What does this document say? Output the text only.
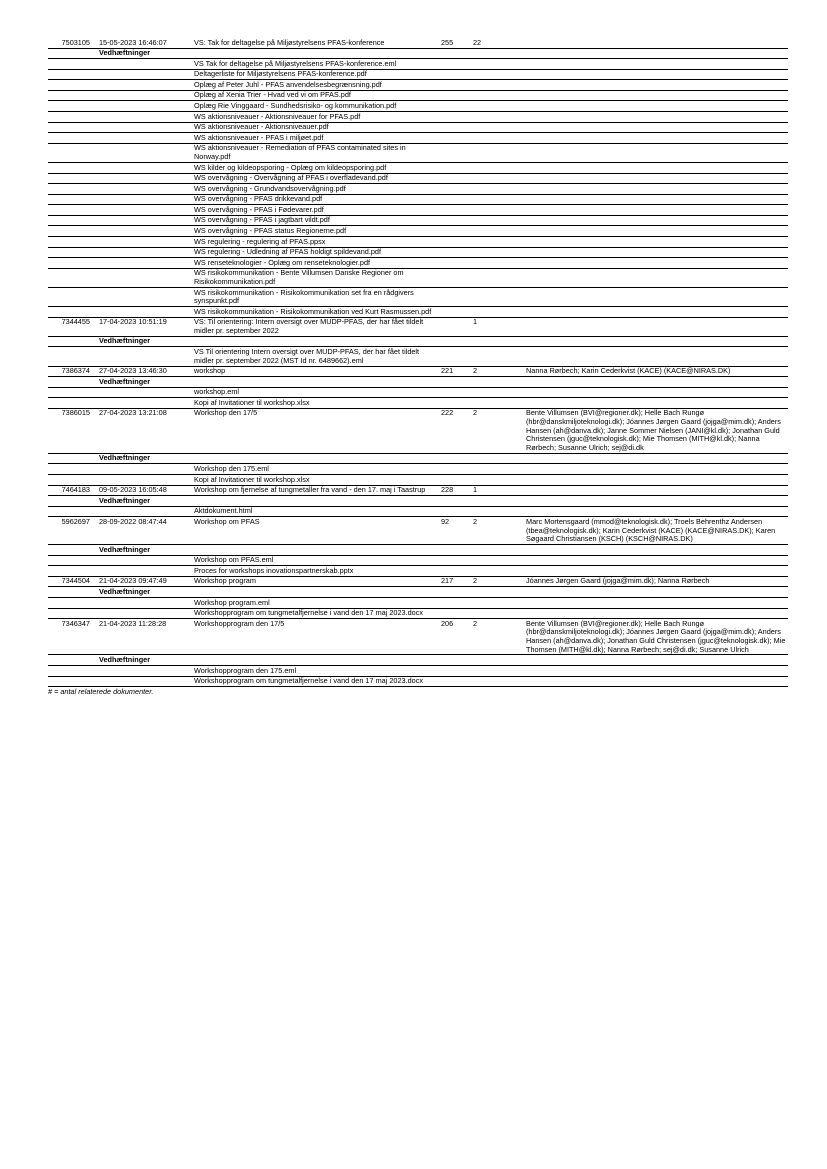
7503105	15-05-2023 16:46:07	VS: Tak for deltagelse på Miljøstyrelsens PFAS-konference	255	22	
	Vedhæftninger				
		VS Tak for deltagelse på Miljøstyrelsens PFAS-konference.eml			
		Deltagerliste for Miljøstyrelsens PFAS-konference.pdf			
		Oplæg af Peter Juhl - PFAS anvendelsesbegrænsning.pdf			
		Oplæg af Xenia Trier - Hvad ved vi om PFAS.pdf			
		Oplæg Rie Vinggaard - Sundhedsrisiko- og kommunikation.pdf			
		WS aktionsniveauer - Aktionsniveauer for PFAS.pdf			
		WS aktionsniveauer - Aktionsniveauer.pdf			
		WS aktionsniveauer - PFAS i miljøet.pdf			
		WS aktionsniveauer - Remediation of PFAS contaminated sites in Norway.pdf			
		WS kilder og kildeopsporing - Oplæg om kildeopsporing.pdf			
		WS overvågning - Overvågning af PFAS i overfladevand.pdf			
		WS overvågning - Grundvandsovervågning.pdf			
		WS overvågning - PFAS drikkevand.pdf			
		WS overvågning - PFAS i Fødevarer.pdf			
		WS overvågning - PFAS i jagtbart vildt.pdf			
		WS overvågning - PFAS status Regionerne.pdf			
		WS regulering - regulering af PFAS.ppsx			
		WS regulering - Udledning af PFAS holdigt spildevand.pdf			
		WS renseteknologier - Oplæg om renseteknologier.pdf			
		WS risikokommunikation - Bente Villumsen Danske Regioner om Risikokommunikation.pdf			
		WS risikokommunikation - Risikokommunikation set fra en rådgivers synspunkt.pdf			
		WS risikokommunikation - Risikokommunikation ved Kurt Rasmussen.pdf			
7344455	17-04-2023 10:51:19	VS: Til orientering: Intern oversigt over MUDP-PFAS, der har fået tildelt midler pr. september 2022		1	
	Vedhæftninger				
		VS Til orientering Intern oversigt over MUDP-PFAS, der har fået tildelt midler pr. september 2022 (MST Id nr. 6489662).eml			
7386374	27-04-2023 13:46:30	workshop	221	2	Nanna Rørbech; Karin Cederkvist (KACE) (KACE@NIRAS.DK)
	Vedhæftninger				
		workshop.eml			
		Kopi af Invitationer til workshop.xlsx			
7386015	27-04-2023 13:21:08	Workshop den 17/5	222	2	Bente Villumsen (BVI@regioner.dk); Helle Bach Rungø (hbr@danskmiljoteknologi.dk); Jóannes Jørgen Gaard (jojga@mim.dk); Anders Hansen (ah@danva.dk); Janne Sommer Nielsen (JANI@kl.dk); Jonathan Guld Christensen (jguc@teknologisk.dk); Mie Thomsen (MITH@kl.dk); Nanna Rørbech; Susanne Ulrich; sej@di.dk
	Vedhæftninger				
		Workshop den 175.eml			
		Kopi af Invitationer til workshop.xlsx			
7464183	09-05-2023 16:05:48	Workshop om fjernelse af tungmetaller fra vand - den 17. maj i Taastrup	228	1	
	Vedhæftninger				
		Aktdokument.html			
5962697	28-09-2022 08:47:44	Workshop om PFAS	92	2	Marc Mortensgaard (mmod@teknologisk.dk); Troels Behrenthz Andersen (tbea@teknologisk.dk); Karin Cederkvist (KACE) (KACE@NIRAS.DK); Karen Søgaard Christiansen (KSCH) (KSCH@NIRAS.DK)
	Vedhæftninger				
		Workshop om PFAS.eml			
		Proces for workshops inovationspartnerskab.pptx			
7344504	21-04-2023 09:47:49	Workshop program	217	2	Jóannes Jørgen Gaard (jojga@mim.dk); Nanna Rørbech
	Vedhæftninger				
		Workshop program.eml			
		Workshopprogram om tungmetalfjernelse i vand den 17 maj 2023.docx			
7346347	21-04-2023 11:28:28	Workshopprogram den 17/5	206	2	Bente Villumsen (BVI@regioner.dk); Helle Bach Rungø (hbr@danskmiljoteknologi.dk); Jóannes Jørgen Gaard (jojga@mim.dk); Anders Hansen (ah@danva.dk); Jonathan Guld Christensen (jguc@teknologisk.dk); Mie Thomsen (MITH@kl.dk); Nanna Rørbech; sej@di.dk; Susanne Ulrich
	Vedhæftninger				
		Workshopprogram den 175.eml			
		Workshopprogram om tungmetalfjernelse i vand den 17 maj 2023.docx			
# = antal relaterede dokumenter.
